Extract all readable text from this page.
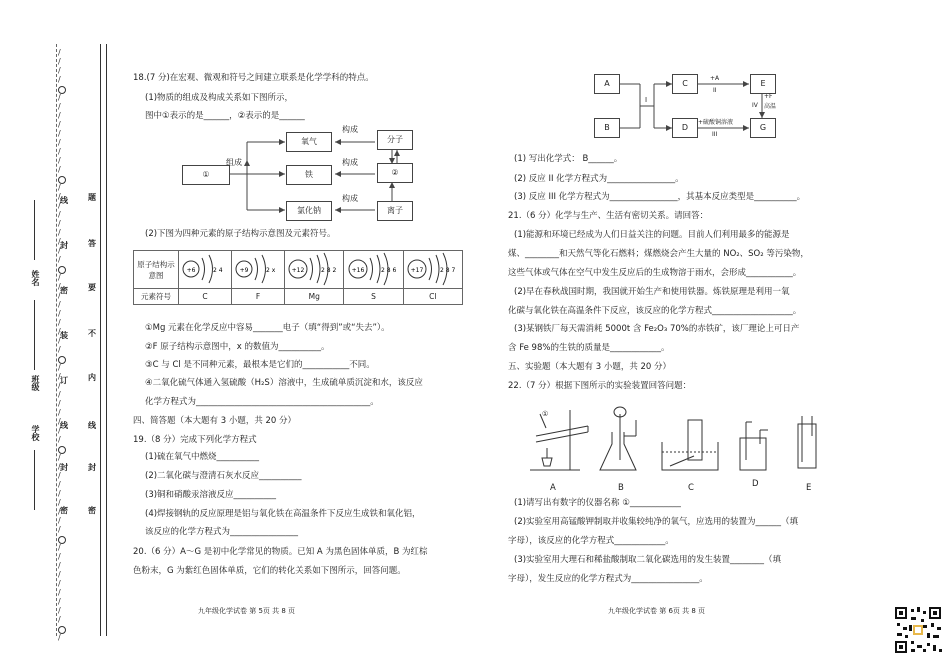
/
/
/
/
/
/
/
/
/
/
/
/
/
/
/
/
/
/
/
/
/
/
/
/
/
/
/
/
/
/
/
/
/
/
/
/
/
/
/
/
/
/
/
/
/
/
/
/
/
/
/
/
/
/
/
/
/
/
/
姓名
班级
学校
密
封
线
内
不
要
答
题
密
封
线
订
装
密
封
线
18.(7 分)在宏观、微观和符号之间建立联系是化学学科的特点。
(1)物质的组成及构成关系如下图所示，
图中①表示的是______，②表示的是______
①
氧气
铁
氯化钠
分子
②
离子
组成
构成
构成
构成
(2)下图为四种元素的原子结构示意图及元素符号。
原子结构示意图	+6 2 4	+9 2 x	+12 2 8 2	+16 2 8 6	+17 2 8 7

元素符号	C	F	Mg	S	Cl
①Mg 元素在化学反应中容易_______电子（填“得到”或“失去”）。
②F 原子结构示意图中，x 的数值为__________。
③C 与 Cl 是不同种元素，最根本是它们的___________不同。
④二氧化硫气体通入氢硫酸（H₂S）溶液中，生成硫单质沉淀和水，该反应
化学方程式为_________________________________________。
四、简答题（本大题有 3 小题，共 20 分）
19.（8 分）完成下列化学方程式
(1)硫在氧气中燃烧__________
(2)二氧化碳与澄清石灰水反应__________
(3)铜和硝酸汞溶液反应__________
(4)焊接钢轨的反应原理是铝与氧化铁在高温条件下反应生成铁和氧化铝，
该反应的化学方程式为________________
20.（6 分）A～G 是初中化学常见的物质。已知 A 为黑色固体单质，B 为红棕
色粉末，G 为紫红色固体单质，它们的转化关系如下图所示，回答问题。
九年级化学试卷 第 5页 共 8 页
A
B
C
D
E
G
I
+A
II
+硫酸铜溶液
III
+F
IV 高温
(1) 写出化学式： B______。
(2) 反应 II 化学方程式为________________。
(3) 反应 III 化学方程式为________________，其基本反应类型是__________。
21.（6 分）化学与生产、生活有密切关系。请回答：
(1)能源和环境已经成为人们日益关注的问题。目前人们利用最多的能源是
煤、________和天然气等化石燃料；煤燃烧会产生大量的 NO₂、SO₂ 等污染物，
这些气体或气体在空气中发生反应后的生成物溶于雨水，会形成___________。
(2)早在春秋战国时期，我国就开始生产和使用铁器。炼铁原理是利用一氧
化碳与氧化铁在高温条件下反应，该反应的化学方程式___________________。
(3)某钢铁厂每天需消耗 5000t 含 Fe₂O₃ 70%的赤铁矿，该厂理论上可日产
含 Fe 98%的生铁的质量是____________。
五、实验题（本大题有 3 小题，共 20 分）
22.（7 分）根据下图所示的实验装置回答问题：
①
A	B	C	D	E
(1)请写出有数字的仪器名称 ①____________
(2)实验室用高锰酸钾制取并收集较纯净的氧气，应选用的装置为______（填
字母），该反应的化学方程式____________。
(3)实验室用大理石和稀盐酸制取二氧化碳选用的发生装置________（填
字母），发生反应的化学方程式为________________。
九年级化学试卷 第 6页 共 8 页
